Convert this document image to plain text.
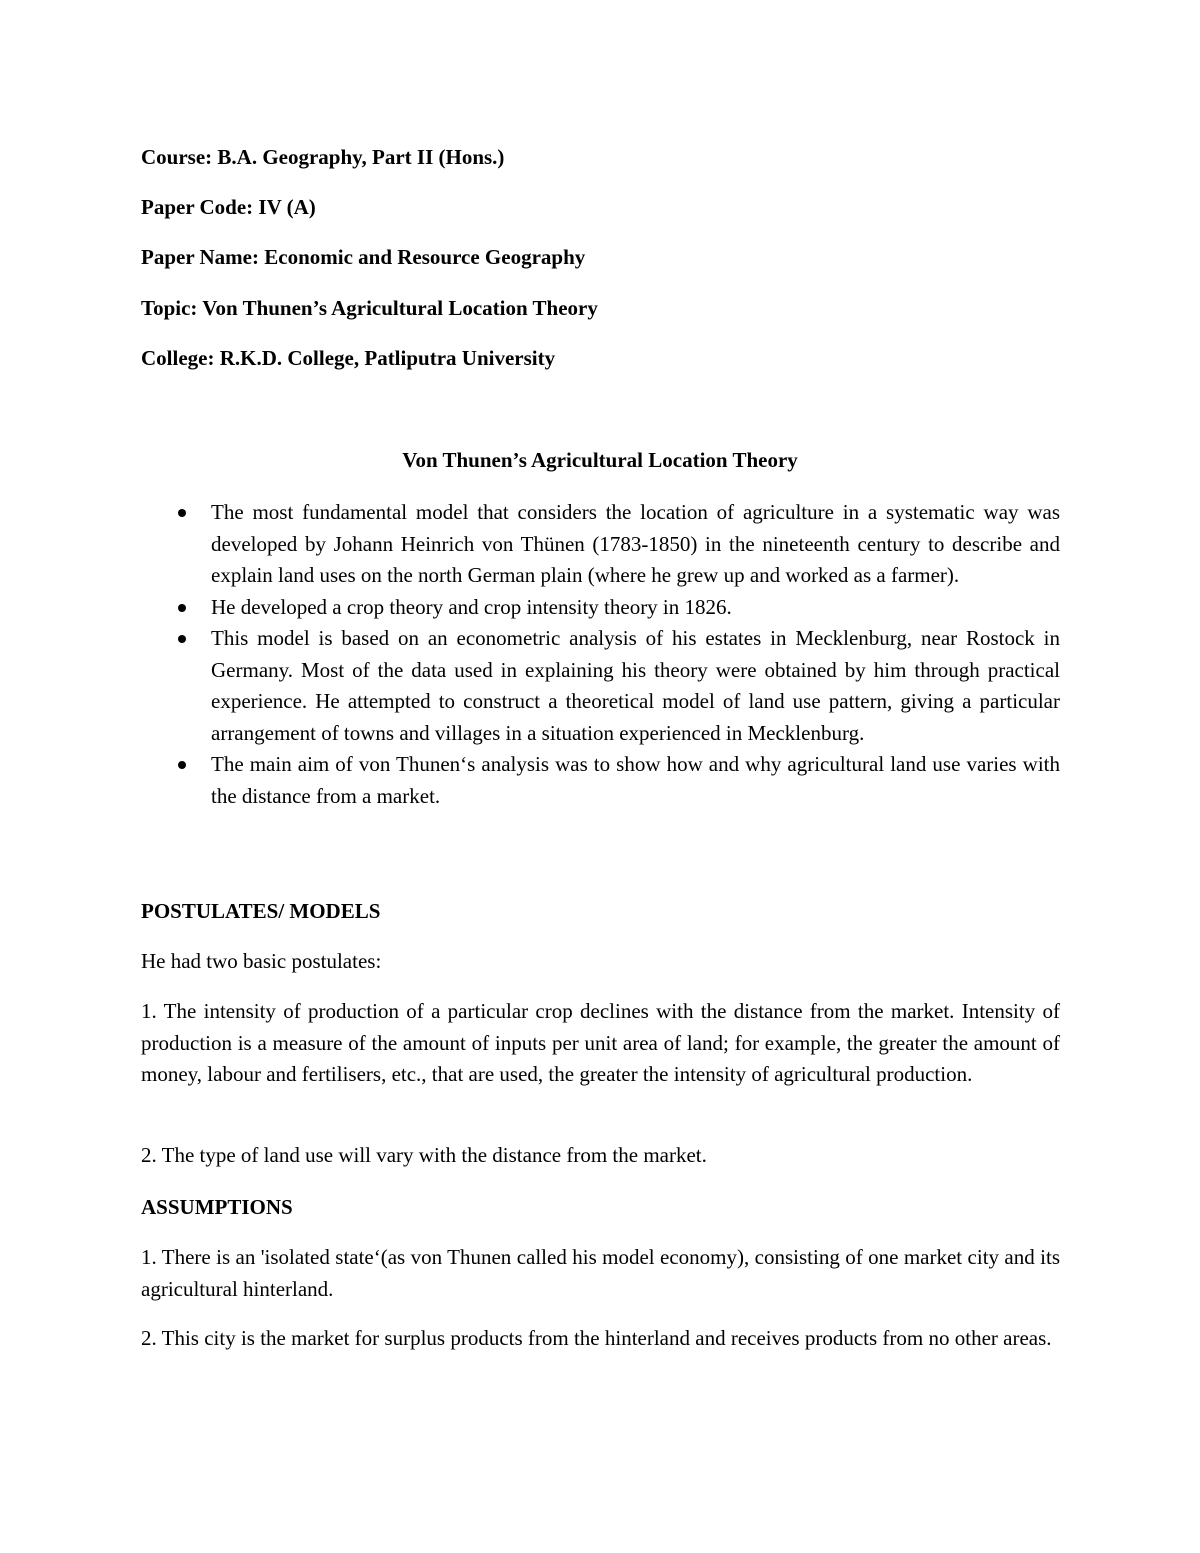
Course: B.A. Geography, Part II (Hons.)
Paper Code: IV (A)
Paper Name: Economic and Resource Geography
Topic: Von Thunen’s Agricultural Location Theory
College: R.K.D. College, Patliputra University
Von Thunen’s Agricultural Location Theory
The most fundamental model that considers the location of agriculture in a systematic way was developed by Johann Heinrich von Thünen (1783-1850) in the nineteenth century to describe and explain land uses on the north German plain (where he grew up and worked as a farmer).
He developed a crop theory and crop intensity theory in 1826.
This model is based on an econometric analysis of his estates in Mecklenburg, near Rostock in Germany. Most of the data used in explaining his theory were obtained by him through practical experience. He attempted to construct a theoretical model of land use pattern, giving a particular arrangement of towns and villages in a situation experienced in Mecklenburg.
The main aim of von Thunen‘s analysis was to show how and why agricultural land use varies with the distance from a market.
POSTULATES/ MODELS
He had two basic postulates:
1. The intensity of production of a particular crop declines with the distance from the market. Intensity of production is a measure of the amount of inputs per unit area of land; for example, the greater the amount of money, labour and fertilisers, etc., that are used, the greater the intensity of agricultural production.
2. The type of land use will vary with the distance from the market.
ASSUMPTIONS
1. There is an 'isolated state‘(as von Thunen called his model economy), consisting of one market city and its agricultural hinterland.
2. This city is the market for surplus products from the hinterland and receives products from no other areas.
